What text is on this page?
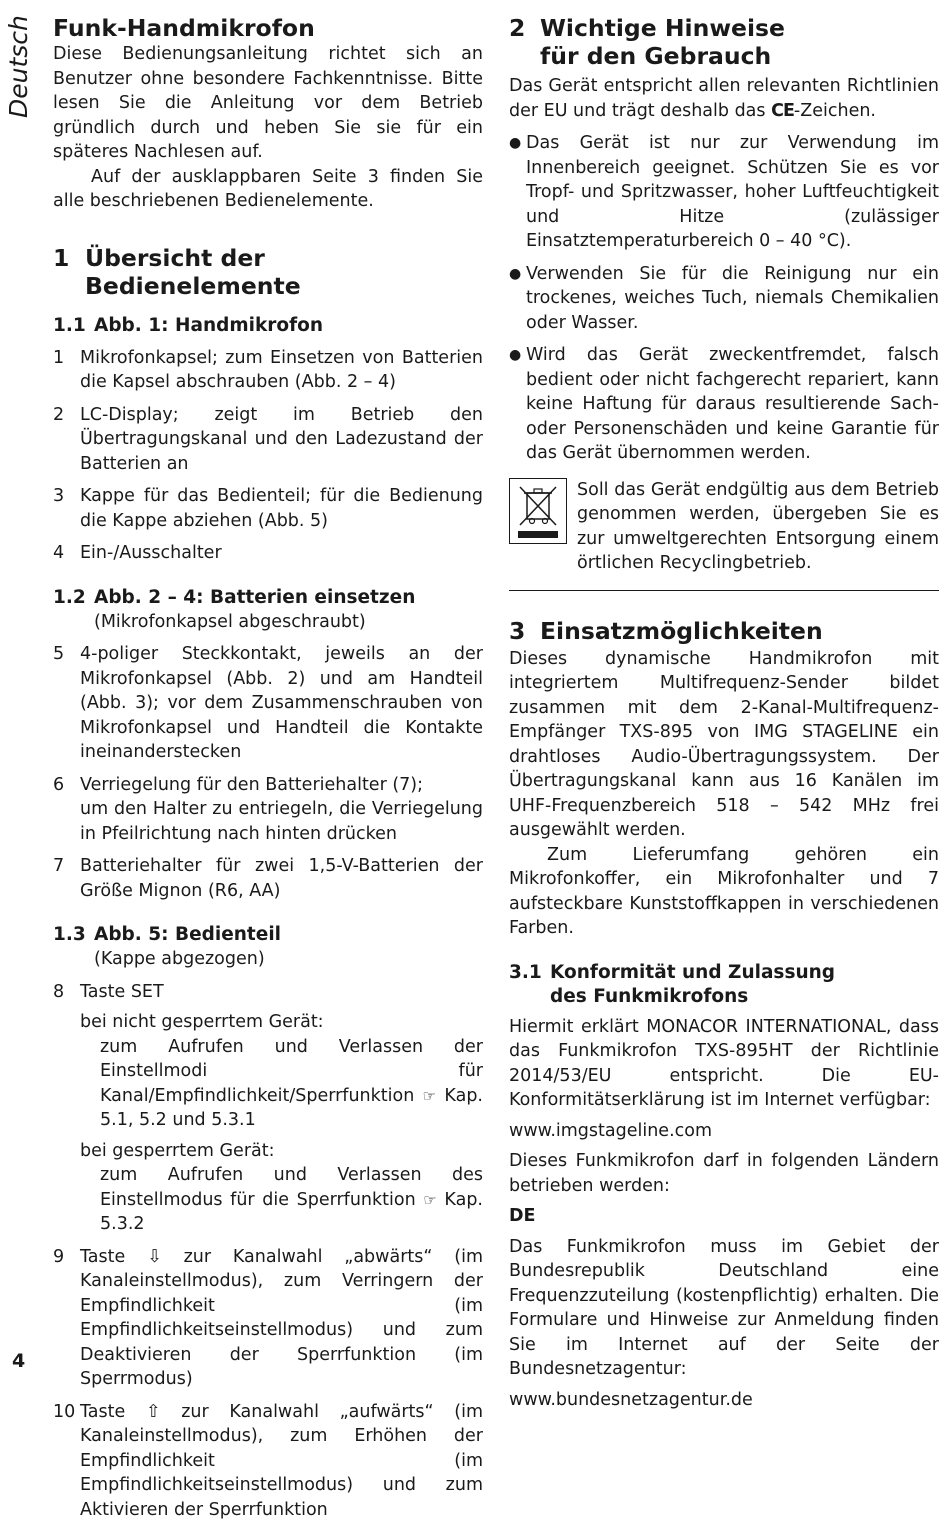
Deutsch Funk-Handmikrofon

Diese Bedienungsanleitung richtet sich an Benutzer ohne besondere Fachkenntnisse. Bitte lesen Sie die Anleitung vor dem Betrieb gründlich durch und heben Sie sie für ein späteres Nachlesen auf.

Auf der ausklappbaren Seite 3 finden Sie alle beschriebenen Bedienelemente.

1 Übersicht der Bedienelemente
1.1 Abb. 1: Handmikrofon
1 Mikrofonkapsel; zum Einsetzen von Batterien die Kapsel abschrauben (Abb. 2 – 4)
2 LC-Display; zeigt im Betrieb den Übertragungskanal und den Ladezustand der Batterien an
3 Kappe für das Bedienteil; für die Bedienung die Kappe abziehen (Abb. 5)
4 Ein-/Ausschalter
1.2 Abb. 2 – 4: Batterien einsetzen

(Mikrofonkapsel abgeschraubt)

5 4-poliger Steckkontakt, jeweils an der Mikrofonkapsel (Abb. 2) und am Handteil (Abb. 3); vor dem Zusammenschrauben von Mikrofonkapsel und Handteil die Kontakte ineinanderstecken
6 Verriegelung für den Batteriehalter (7);
um den Halter zu entriegeln, die Verriegelung in Pfeilrichtung nach hinten drücken
7 Batteriehalter für zwei 1,5-V-Batterien der Größe Mignon (R6, AA)
1.3 Abb. 5: Bedienteil

(Kappe abgezogen)

8 Taste SET
bei nicht gesperrtem Gerät:
zum Aufrufen und Verlassen der Einstellmodi für Kanal/Empfindlichkeit/Sperrfunktion ☞ Kap. 5.1, 5.2 und 5.3.1
bei gesperrtem Gerät:
zum Aufrufen und Verlassen des Einstellmodus für die Sperrfunktion ☞ Kap. 5.3.2
9 Taste ⇩ zur Kanalwahl „abwärts“ (im Kanaleinstellmodus), zum Verringern der Empfindlichkeit (im Empfindlichkeitseinstellmodus) und zum Deaktivieren der Sperrfunktion (im Sperrmodus)
10 Taste ⇧ zur Kanalwahl „aufwärts“ (im Kanaleinstellmodus), zum Erhöhen der Empfindlichkeit (im Empfindlichkeitseinstellmodus) und zum Aktivieren der Sperrfunktion
2 Wichtige Hinweise
für den Gebrauch

Das Gerät entspricht allen relevanten Richtlinien der EU und trägt deshalb das CE-Zeichen.

● Das Gerät ist nur zur Verwendung im Innenbereich geeignet. Schützen Sie es vor Tropf- und Spritzwasser, hoher Luftfeuchtigkeit und Hitze (zulässiger Einsatztemperaturbereich 0 – 40 °C).
● Verwenden Sie für die Reinigung nur ein trockenes, weiches Tuch, niemals Chemikalien oder Wasser.
● Wird das Gerät zweckentfremdet, falsch bedient oder nicht fachgerecht repariert, kann keine Haftung für daraus resultierende Sach- oder Personenschäden und keine Garantie für das Gerät übernommen werden.

Soll das Gerät endgültig aus dem Betrieb genommen werden, übergeben Sie es zur umweltgerechten Entsorgung einem örtlichen Recyclingbetrieb.

3 Einsatzmöglichkeiten

Dieses dynamische Handmikrofon mit integriertem Multifrequenz-Sender bildet zusammen mit dem 2-Kanal-Multifrequenz-Empfänger TXS-895 von IMG STAGELINE ein drahtloses Audio-Übertragungssystem. Der Übertragungskanal kann aus 16 Kanälen im UHF-Frequenzbereich 518 – 542 MHz frei ausgewählt werden.

Zum Lieferumfang gehören ein Mikrofonkoffer, ein Mikrofonhalter und 7 aufsteckbare Kunststoffkappen in verschiedenen Farben.

3.1 Konformität und Zulassung
des Funkmikrofons

Hiermit erklärt MONACOR INTERNATIONAL, dass das Funkmikrofon TXS-895HT der Richtlinie 2014/53/EU entspricht. Die EU-Konformitätserklärung ist im Internet verfügbar:

www.imgstageline.com

Dieses Funkmikrofon darf in folgenden Ländern betrieben werden:

DE

Das Funkmikrofon muss im Gebiet der Bundesrepublik Deutschland eine Frequenzzuteilung (kostenpflichtig) erhalten. Die Formulare und Hinweise zur Anmeldung finden Sie im Internet auf der Seite der Bundesnetzagentur:

www.bundesnetzagentur.de

4
